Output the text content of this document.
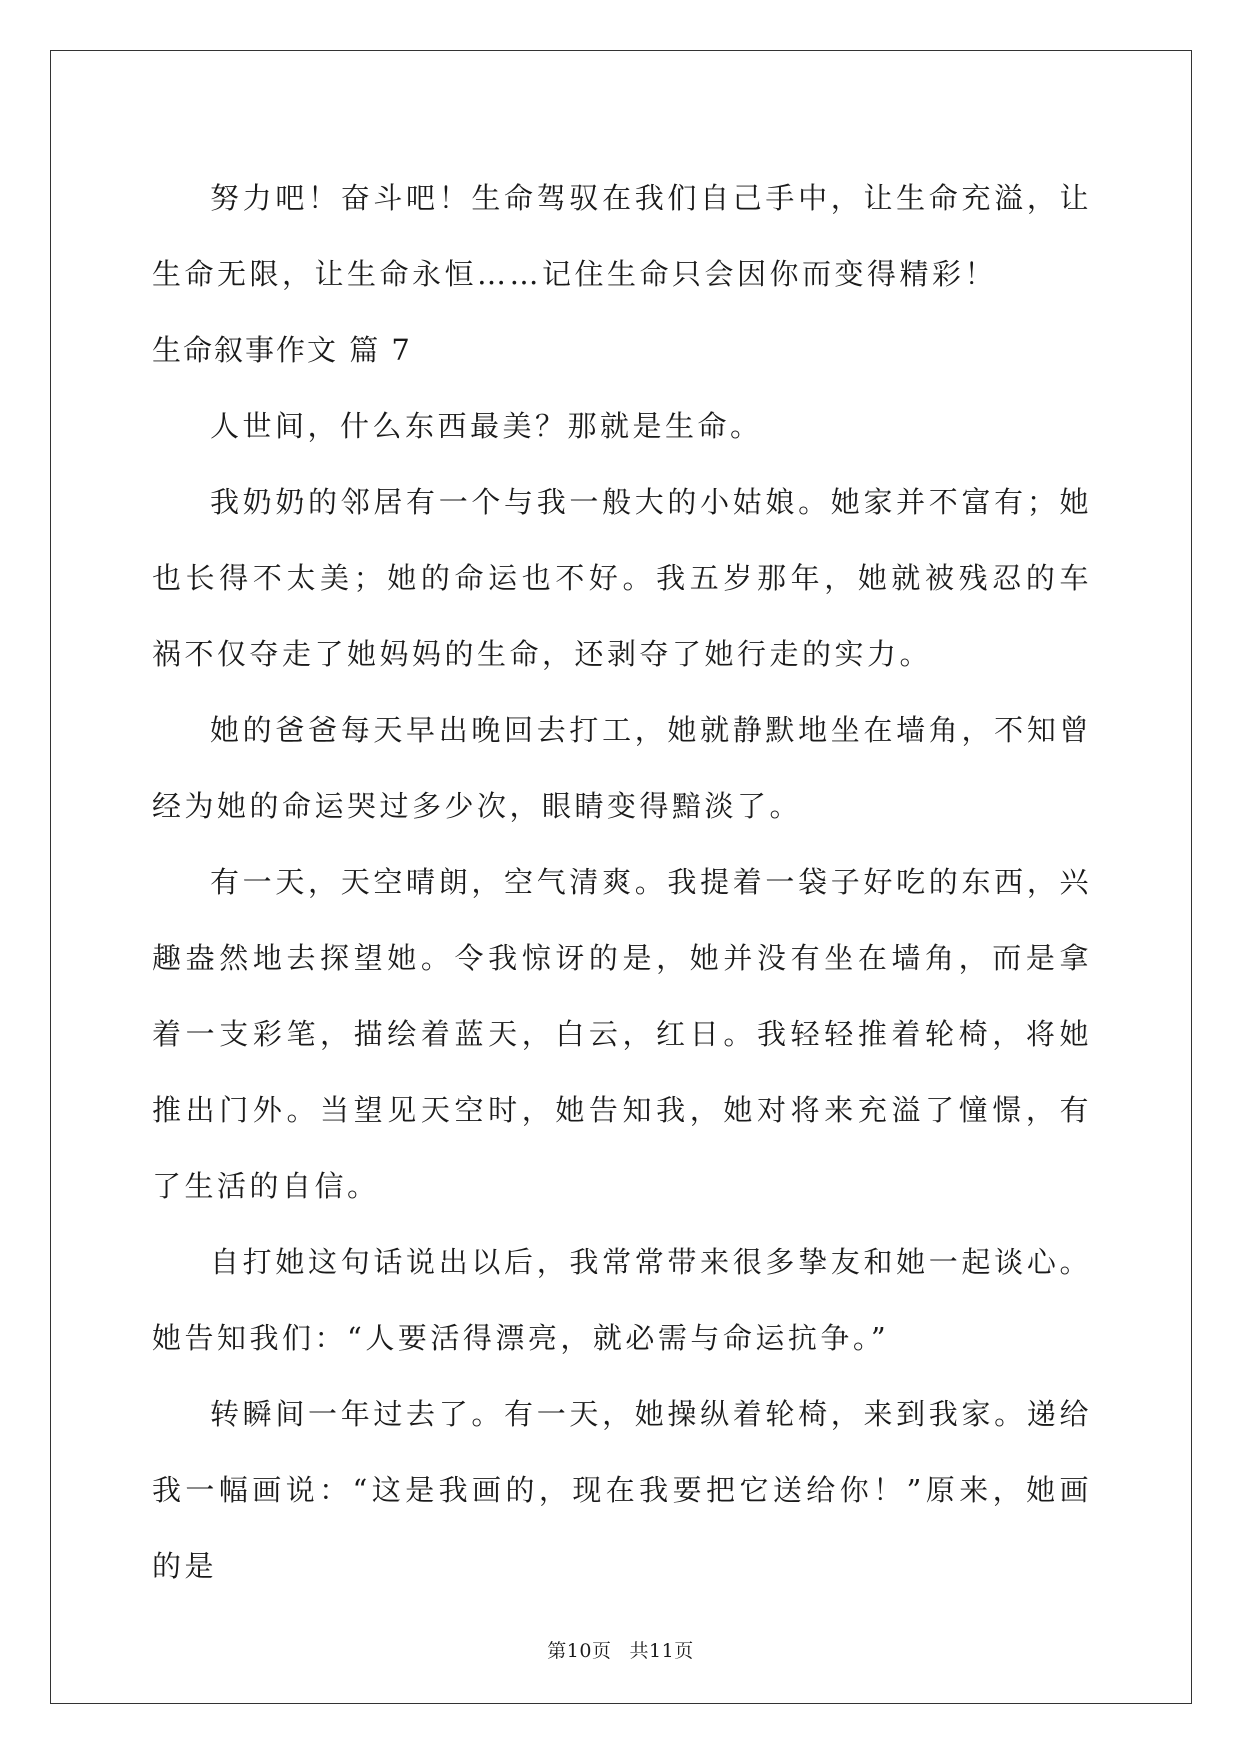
努力吧！奋斗吧！生命驾驭在我们自己手中，让生命充溢，让生命无限，让生命永恒……记住生命只会因你而变得精彩！

生命叙事作文 篇 7

人世间，什么东西最美？那就是生命。

我奶奶的邻居有一个与我一般大的小姑娘。她家并不富有；她也长得不太美；她的命运也不好。我五岁那年，她就被残忍的车祸不仅夺走了她妈妈的生命，还剥夺了她行走的实力。

她的爸爸每天早出晚回去打工，她就静默地坐在墙角，不知曾经为她的命运哭过多少次，眼睛变得黯淡了。

有一天，天空晴朗，空气清爽。我提着一袋子好吃的东西，兴趣盎然地去探望她。令我惊讶的是，她并没有坐在墙角，而是拿着一支彩笔，描绘着蓝天，白云，红日。我轻轻推着轮椅，将她推出门外。当望见天空时，她告知我，她对将来充溢了憧憬，有了生活的自信。

自打她这句话说出以后，我常常带来很多挚友和她一起谈心。她告知我们：“人要活得漂亮，就必需与命运抗争。”

转瞬间一年过去了。有一天，她操纵着轮椅，来到我家。递给我一幅画说：“这是我画的，现在我要把它送给你！”原来，她画的是

第10页 共11页
